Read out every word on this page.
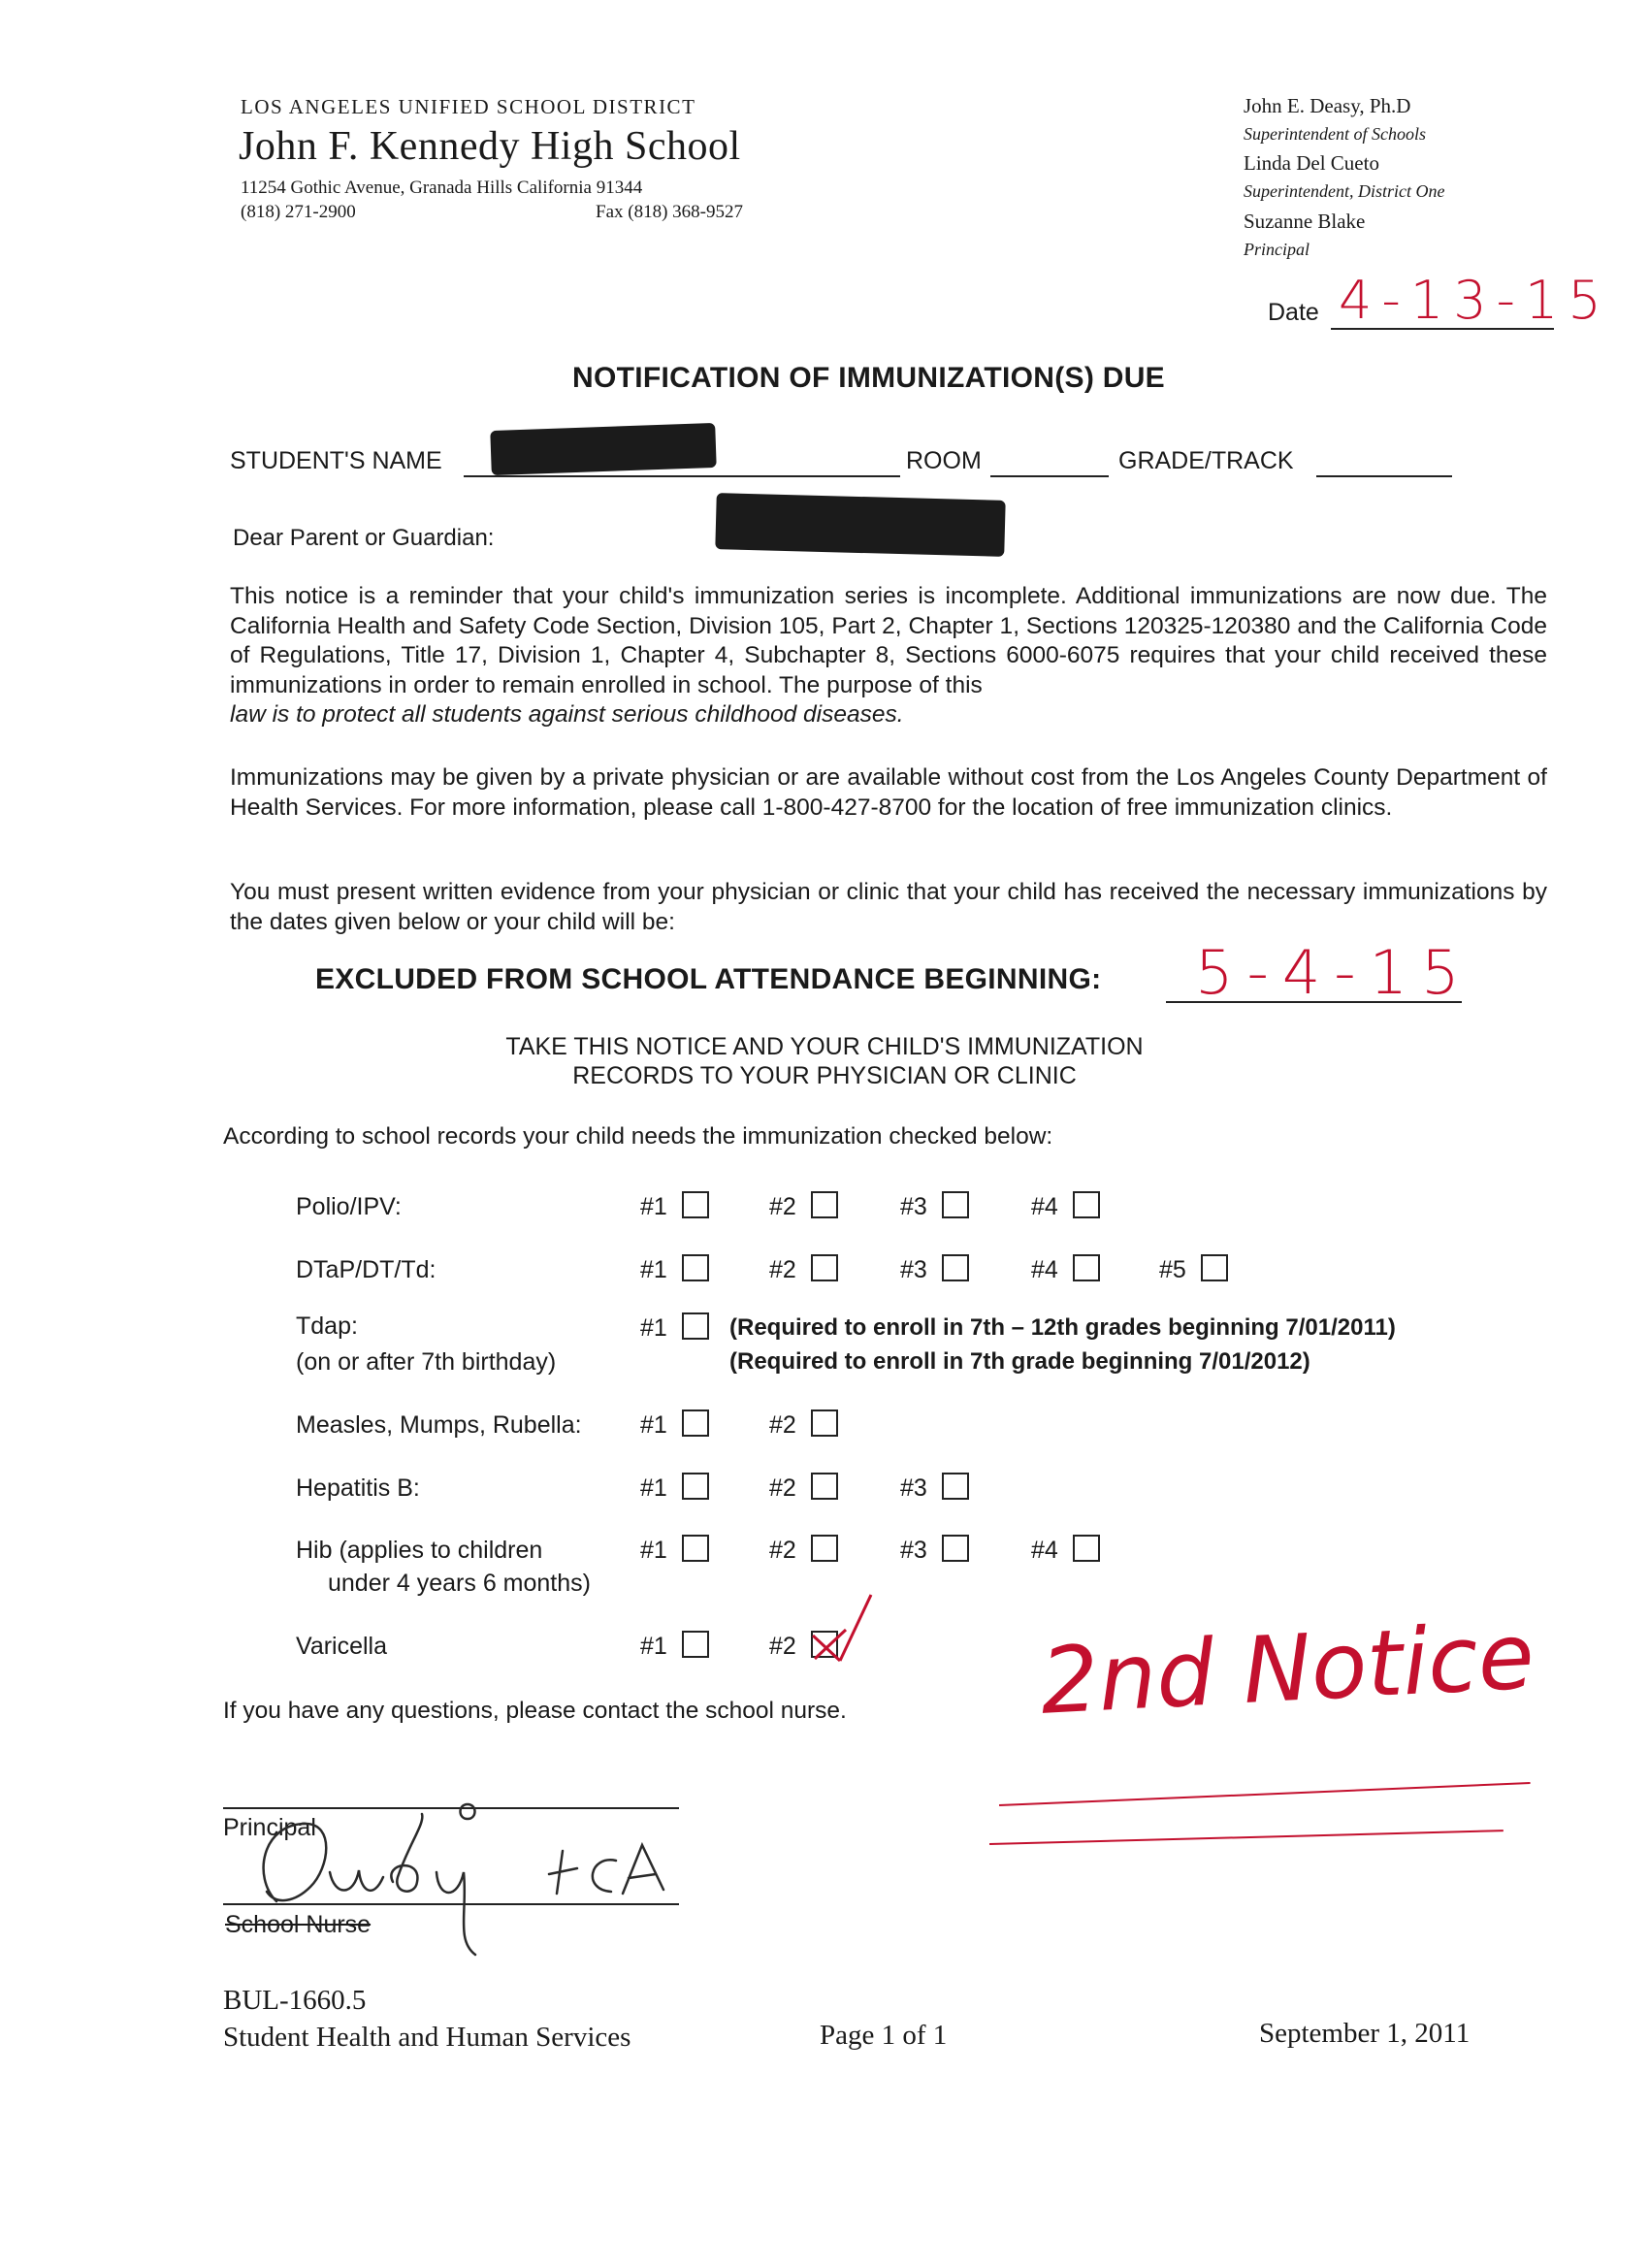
LOS ANGELES UNIFIED SCHOOL DISTRICT
John F. Kennedy High School
11254 Gothic Avenue, Granada Hills California 91344
(818) 271-2900	Fax (818) 368-9527
John E. Deasy, Ph.D
Superintendent of Schools
Linda Del Cueto
Superintendent, District One
Suzanne Blake
Principal
Date 4-13-15
NOTIFICATION OF IMMUNIZATION(S) DUE
STUDENT'S NAME	ROOM	GRADE/TRACK
Dear Parent or Guardian:
This notice is a reminder that your child's immunization series is incomplete. Additional immunizations are now due. The California Health and Safety Code Section, Division 105, Part 2, Chapter 1, Sections 120325-120380 and the California Code of Regulations, Title 17, Division 1, Chapter 4, Subchapter 8, Sections 6000-6075 requires that your child received these immunizations in order to remain enrolled in school. The purpose of this
law is to protect all students against serious childhood diseases.
Immunizations may be given by a private physician or are available without cost from the Los Angeles County Department of Health Services. For more information, please call 1-800-427-8700 for the location of free immunization clinics.
You must present written evidence from your physician or clinic that your child has received the necessary immunizations by the dates given below or your child will be:
EXCLUDED FROM SCHOOL ATTENDANCE BEGINNING: 5-4-15
TAKE THIS NOTICE AND YOUR CHILD'S IMMUNIZATION
RECORDS TO YOUR PHYSICIAN OR CLINIC
According to school records your child needs the immunization checked below:
Polio/IPV:	#1	#2	#3	#4
DTaP/DT/Td:	#1	#2	#3	#4	#5
Tdap:
(on or after 7th birthday)
#1	(Required to enroll in 7th – 12th grades beginning 7/01/2011)
(Required to enroll in 7th grade beginning 7/01/2012)
Measles, Mumps, Rubella: #1	#2
Hepatitis B:	#1	#2	#3
Hib (applies to children
under 4 years 6 months)
#1	#2	#3	#4
Varicella	#1	#2
If you have any questions, please contact the school nurse. 2nd Notice
Principal
School Nurse
BUL-1660.5
Student Health and Human Services	Page 1 of 1	September 1, 2011
